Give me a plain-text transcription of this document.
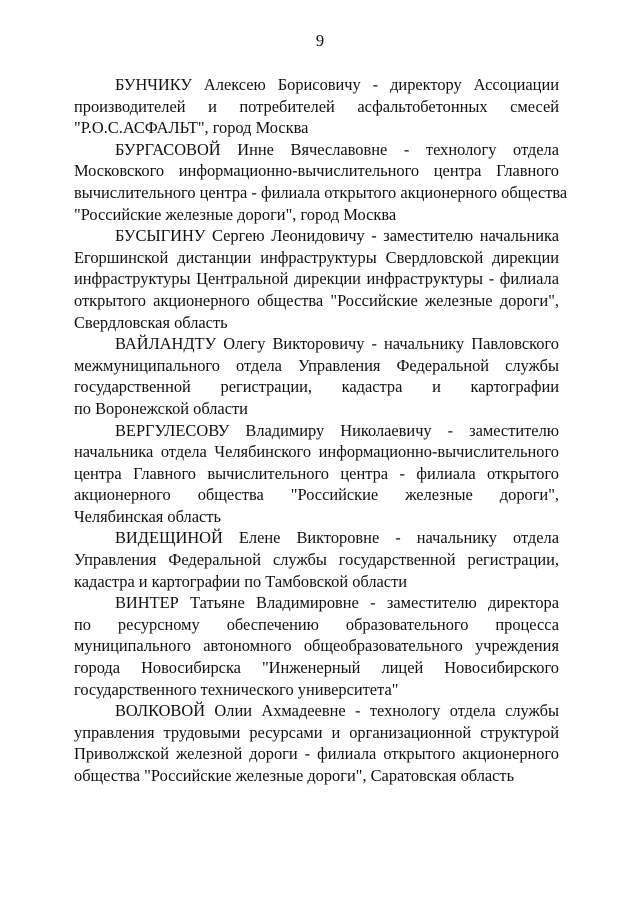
9
БУНЧИКУ Алексею Борисовичу - директору Ассоциации
производителей и потребителей асфальтобетонных смесей
"Р.О.С.АСФАЛЬТ", город Москва
БУРГАСОВОЙ Инне Вячеславовне - технологу отдела
Московского информационно-вычислительного центра Главного
вычислительного центра - филиала открытого акционерного общества
"Российские железные дороги", город Москва
БУСЫГИНУ Сергею Леонидовичу - заместителю начальника
Егоршинской дистанции инфраструктуры Свердловской дирекции
инфраструктуры Центральной дирекции инфраструктуры - филиала
открытого акционерного общества "Российские железные дороги",
Свердловская область
ВАЙЛАНДТУ Олегу Викторовичу - начальнику Павловского
межмуниципального отдела Управления Федеральной службы
государственной регистрации, кадастра и картографии
по Воронежской области
ВЕРГУЛЕСОВУ Владимиру Николаевичу - заместителю
начальника отдела Челябинского информационно-вычислительного
центра Главного вычислительного центра - филиала открытого
акционерного общества "Российские железные дороги",
Челябинская область
ВИДЕЩИНОЙ Елене Викторовне - начальнику отдела
Управления Федеральной службы государственной регистрации,
кадастра и картографии по Тамбовской области
ВИНТЕР Татьяне Владимировне - заместителю директора
по ресурсному обеспечению образовательного процесса
муниципального автономного общеобразовательного учреждения
города Новосибирска "Инженерный лицей Новосибирского
государственного технического университета"
ВОЛКОВОЙ Олии Ахмадеевне - технологу отдела службы
управления трудовыми ресурсами и организационной структурой
Приволжской железной дороги - филиала открытого акционерного
общества "Российские железные дороги", Саратовская область
